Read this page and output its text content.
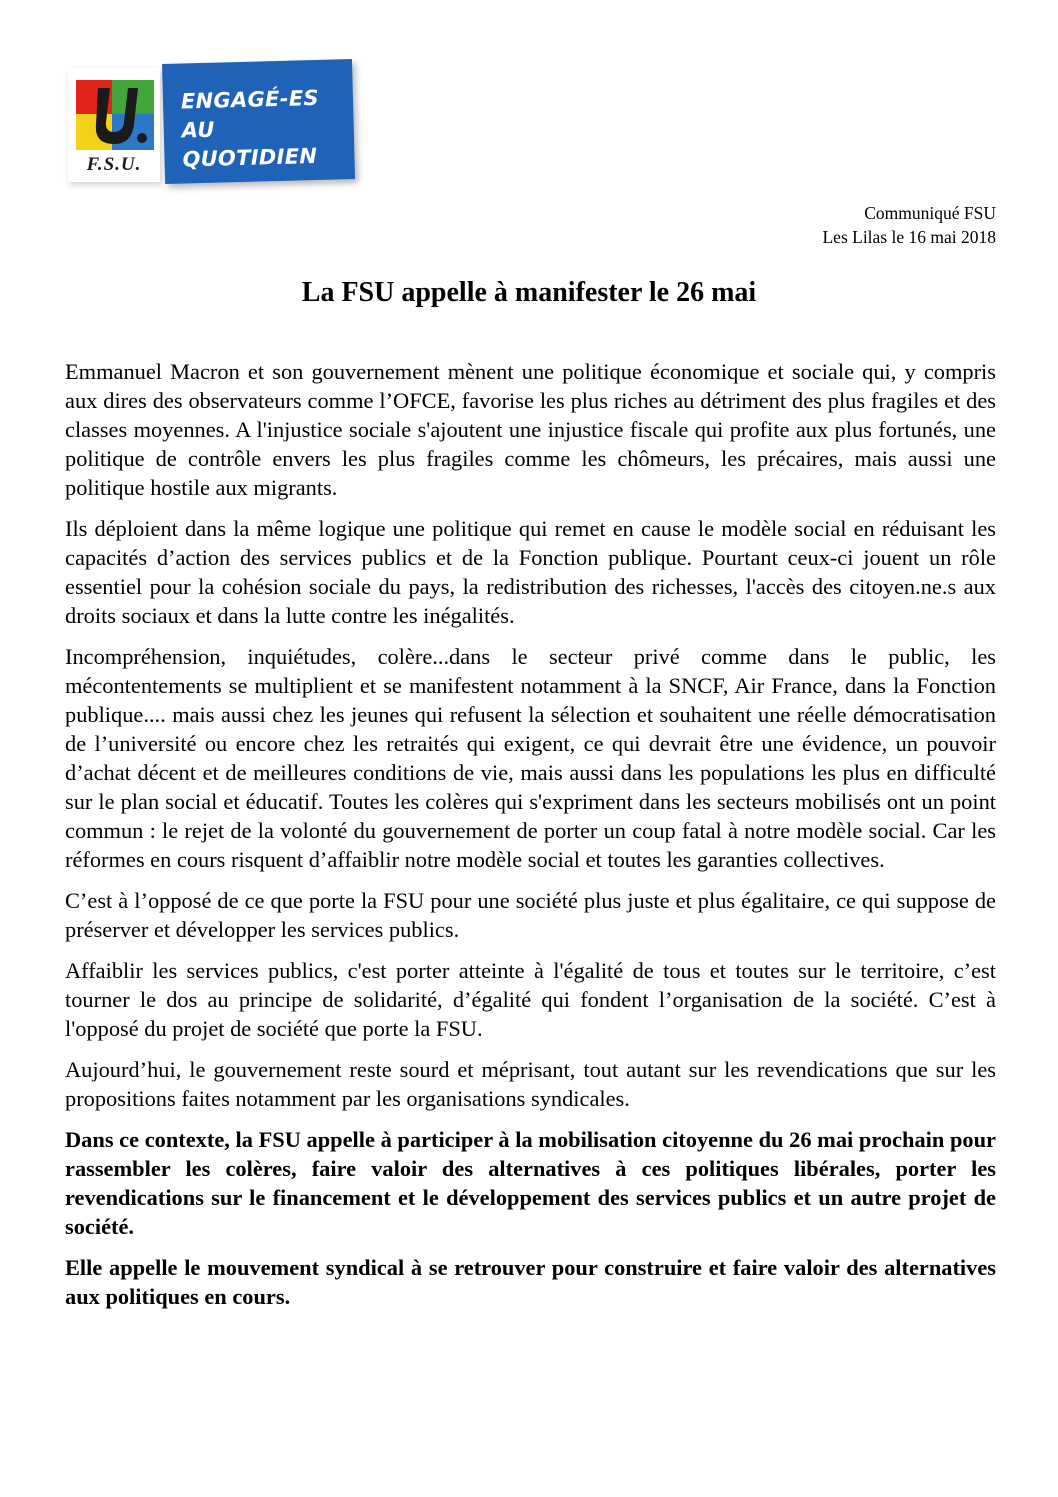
F.S.U.
ENGAGÉ-ES
AU QUOTIDIEN
Communiqué FSU
Les Lilas le 16 mai 2018
La FSU appelle à manifester le 26 mai

Emmanuel Macron et son gouvernement mènent une politique économique et sociale qui, y compris aux dires des observateurs comme l’OFCE, favorise les plus riches au détriment des plus fragiles et des classes moyennes. A l'injustice sociale s'ajoutent une injustice fiscale qui profite aux plus fortunés, une politique de contrôle envers les plus fragiles comme les chômeurs, les précaires, mais aussi une politique hostile aux migrants.

Ils déploient dans la même logique une politique qui remet en cause le modèle social en réduisant les capacités d’action des services publics et de la Fonction publique. Pourtant ceux-ci jouent un rôle essentiel pour la cohésion sociale du pays, la redistribution des richesses, l'accès des citoyen.ne.s aux droits sociaux et dans la lutte contre les inégalités.

Incompréhension, inquiétudes, colère...dans le secteur privé comme dans le public, les mécontentements se multiplient et se manifestent notamment à la SNCF, Air France, dans la Fonction publique.... mais aussi chez les jeunes qui refusent la sélection et souhaitent une réelle démocratisation de l’université ou encore chez les retraités qui exigent, ce qui devrait être une évidence, un pouvoir d’achat décent et de meilleures conditions de vie, mais aussi dans les populations les plus en difficulté sur le plan social et éducatif. Toutes les colères qui s'expriment dans les secteurs mobilisés ont un point commun : le rejet de la volonté du gouvernement de porter un coup fatal à notre modèle social. Car les réformes en cours risquent d’affaiblir notre modèle social et toutes les garanties collectives.

C’est à l’opposé de ce que porte la FSU pour une société plus juste et plus égalitaire, ce qui suppose de préserver et développer les services publics.

Affaiblir les services publics, c'est porter atteinte à l'égalité de tous et toutes sur le territoire, c’est tourner le dos au principe de solidarité, d’égalité qui fondent l’organisation de la société. C’est à l'opposé du projet de société que porte la FSU.

Aujourd’hui, le gouvernement reste sourd et méprisant, tout autant sur les revendications que sur les propositions faites notamment par les organisations syndicales.

Dans ce contexte, la FSU appelle à participer à la mobilisation citoyenne du 26 mai prochain pour rassembler les colères, faire valoir des alternatives à ces politiques libérales, porter les revendications sur le financement et le développement des services publics et un autre projet de société.

Elle appelle le mouvement syndical à se retrouver pour construire et faire valoir des alternatives aux politiques en cours.
